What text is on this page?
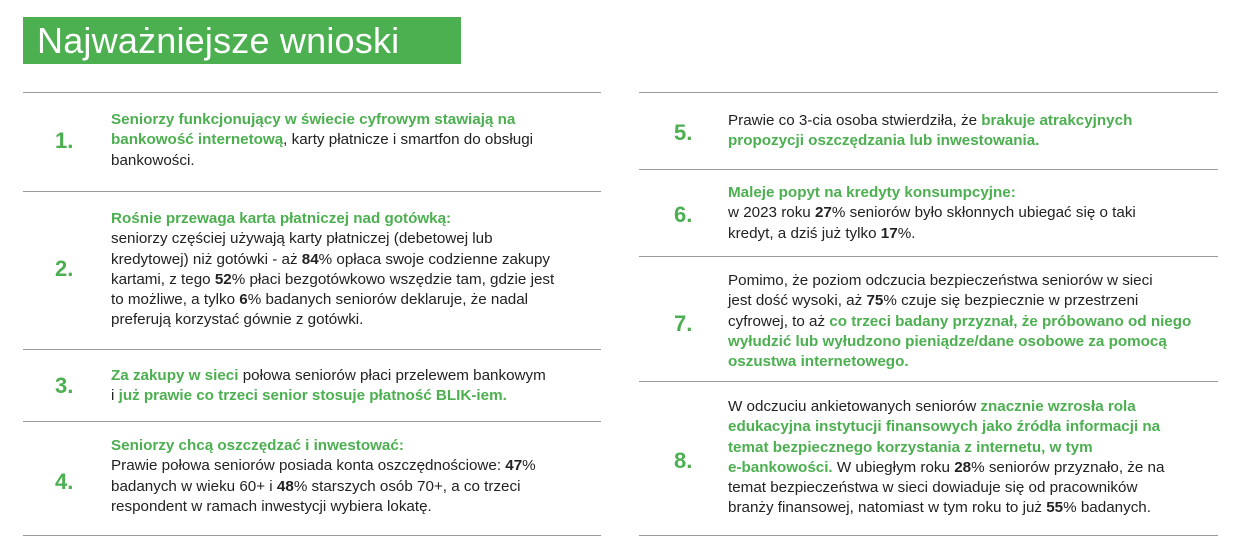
Najważniejsze wnioski
1.
Seniorzy funkcjonujący w świecie cyfrowym stawiają na
bankowość internetową, karty płatnicze i smartfon do obsługi
bankowości.
2.
Rośnie przewaga karta płatniczej nad gotówką:
seniorzy częściej używają karty płatniczej (debetowej lub
kredytowej) niż gotówki - aż 84% opłaca swoje codzienne zakupy
kartami, z tego 52% płaci bezgotówkowo wszędzie tam, gdzie jest
to możliwe, a tylko 6% badanych seniorów deklaruje, że nadal
preferują korzystać gównie z gotówki.
3.	Za zakupy w sieci połowa seniorów płaci przelewem bankowym
i już prawie co trzeci senior stosuje płatność BLIK-iem.
4.
Seniorzy chcą oszczędzać i inwestować:
Prawie połowa seniorów posiada konta oszczędnościowe: 47%
badanych w wieku 60+ i 48% starszych osób 70+, a co trzeci
respondent w ramach inwestycji wybiera lokatę.
5.	Prawie co 3-cia osoba stwierdziła, że brakuje atrakcyjnych
propozycji oszczędzania lub inwestowania.
6.
Maleje popyt na kredyty konsumpcyjne:
w 2023 roku 27% seniorów było skłonnych ubiegać się o taki
kredyt, a dziś już tylko 17%.
7.
Pomimo, że poziom odczucia bezpieczeństwa seniorów w sieci
jest dość wysoki, aż 75% czuje się bezpiecznie w przestrzeni
cyfrowej, to aż co trzeci badany przyznał, że próbowano od niego
wyłudzić lub wyłudzono pieniądze/dane osobowe za pomocą
oszustwa internetowego.
8.
W odczuciu ankietowanych seniorów znacznie wzrosła rola
edukacyjna instytucji finansowych jako źródła informacji na
temat bezpiecznego korzystania z internetu, w tym
e-bankowości. W ubiegłym roku 28% seniorów przyznało, że na
temat bezpieczeństwa w sieci dowiaduje się od pracowników
branży finansowej, natomiast w tym roku to już 55% badanych.
